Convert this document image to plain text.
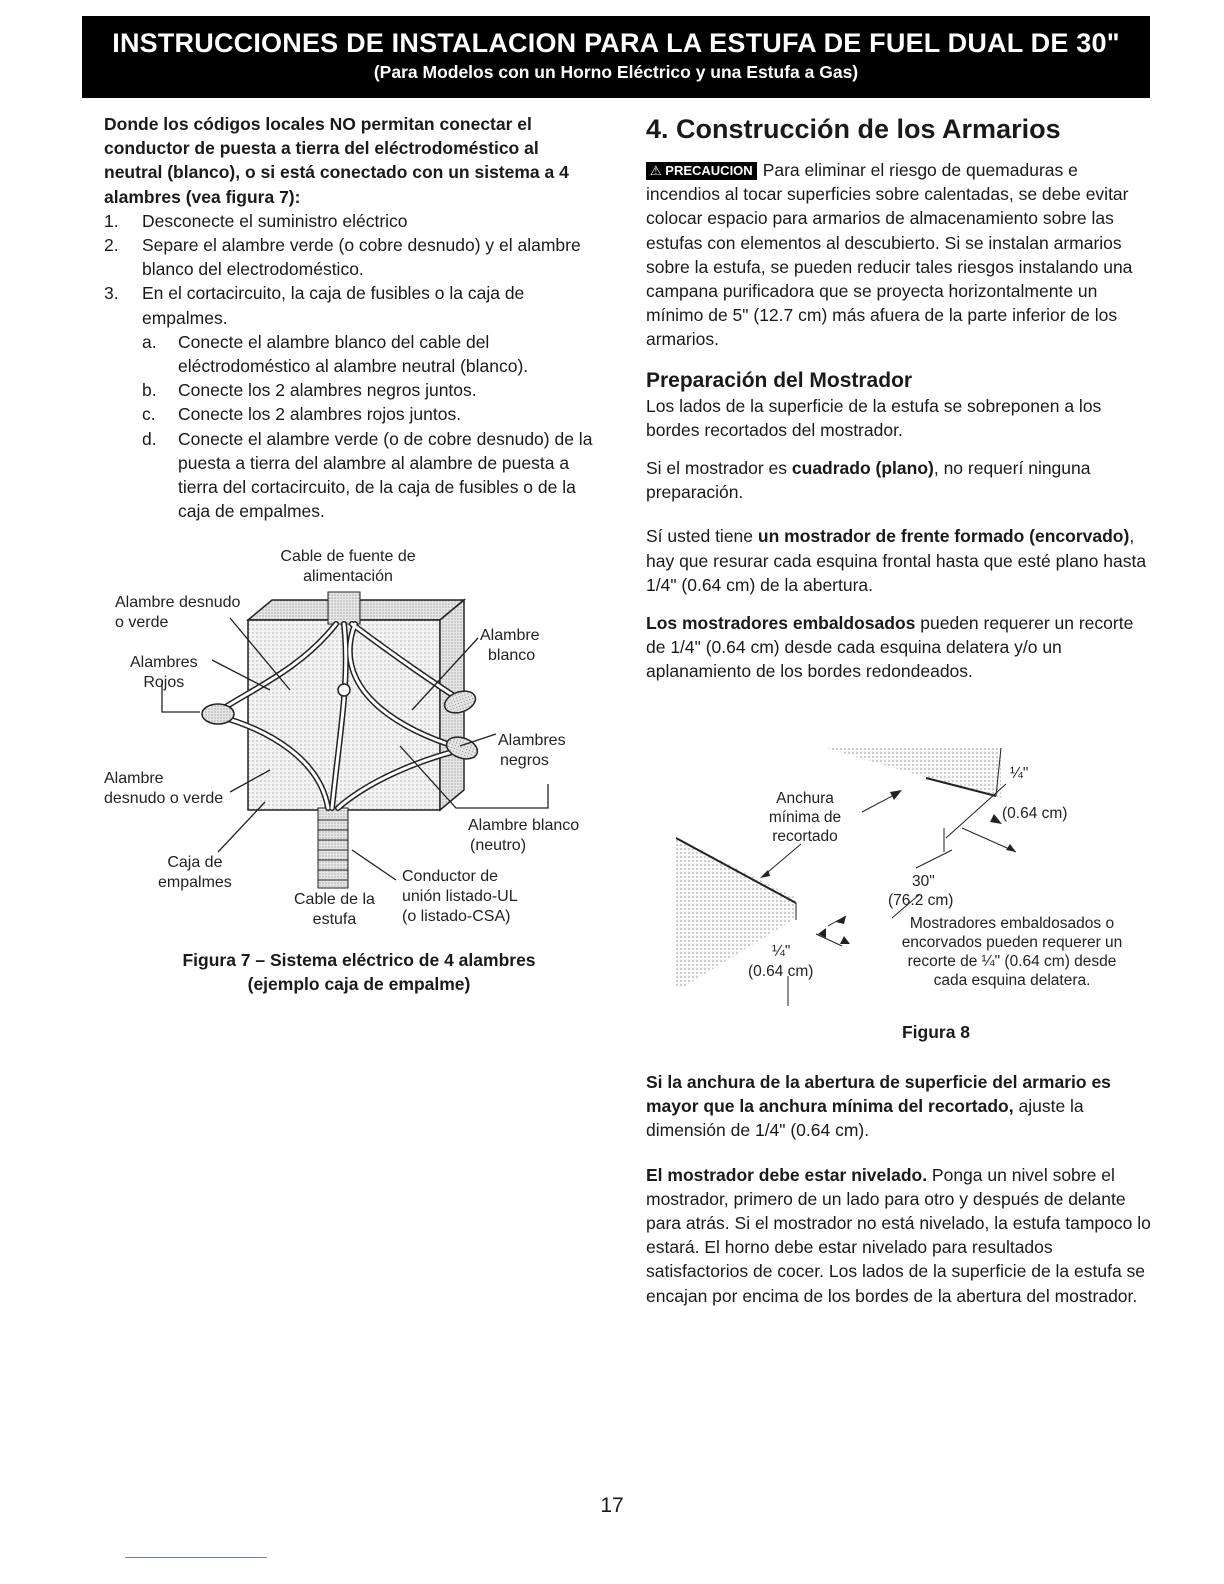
INSTRUCCIONES DE INSTALACION PARA LA ESTUFA DE FUEL DUAL DE 30"
(Para Modelos con un Horno Eléctrico y una Estufa a Gas)

Donde los códigos locales NO permitan conectar el conductor de puesta a tierra del eléctrodoméstico al neutral (blanco), o si está conectado con un sistema a 4 alambres (vea figura 7):

1. Desconecte el suministro eléctrico
2. Separe el alambre verde (o cobre desnudo) y el alambre blanco del electrodoméstico.
3. En el cortacircuito, la caja de fusibles o la caja de empalmes.
a. Conecte el alambre blanco del cable del eléctrodoméstico al alambre neutral (blanco).
b. Conecte los 2 alambres negros juntos.
c. Conecte los 2 alambres rojos juntos.
d. Conecte el alambre verde (o de cobre desnudo) de la puesta a tierra del alambre al alambre de puesta a tierra del cortacircuito, de la caja de fusibles o de la caja de empalmes.
Cable de fuente de
alimentación
Alambre desnudo
o verde
Alambre
blanco
Alambres
Rojos
Alambres
negros
Alambre
desnudo o verde
Alambre blanco
(neutro)
Caja de
empalmes	Conductor de
unión listado-UL
(o listado-CSA)
Cable de la
estufa
Figura 7 – Sistema eléctrico de 4 alambres
(ejemplo caja de empalme)
4. Construcción de los Armarios

⚠ PRECAUCION Para eliminar el riesgo de quemaduras e incendios al tocar superficies sobre calentadas, se debe evitar colocar espacio para armarios de almacenamiento sobre las estufas con elementos al descubierto. Si se instalan armarios sobre la estufa, se pueden reducir tales riesgos instalando una campana purificadora que se proyecta horizontalmente un mínimo de 5" (12.7 cm) más afuera de la parte inferior de los armarios.

Preparación del Mostrador

Los lados de la superficie de la estufa se sobreponen a los bordes recortados del mostrador.

Si el mostrador es cuadrado (plano), no requerí ninguna preparación.

Sí usted tiene un mostrador de frente formado (encorvado), hay que resurar cada esquina frontal hasta que esté plano hasta 1/4" (0.64 cm) de la abertura.

Los mostradores embaldosados pueden requerer un recorte de 1/4" (0.64 cm) desde cada esquina delatera y/o un aplanamiento de los bordes redondeados.

Anchura
mínima de
recortado
¼"
(0.64 cm)
30"
(76.2 cm)
Mostradores embaldosados o
encorvados pueden requerer un
recorte de ¼" (0.64 cm) desde
cada esquina delatera.
¼"
(0.64 cm)
Figura 8

Si la anchura de la abertura de superficie del armario es mayor que la anchura mínima del recortado, ajuste la dimensión de 1/4" (0.64 cm).

El mostrador debe estar nivelado. Ponga un nivel sobre el mostrador, primero de un lado para otro y después de delante para atrás. Si el mostrador no está nivelado, la estufa tampoco lo estará. El horno debe estar nivelado para resultados satisfactorios de cocer. Los lados de la superficie de la estufa se encajan por encima de los bordes de la abertura del mostrador.

17
